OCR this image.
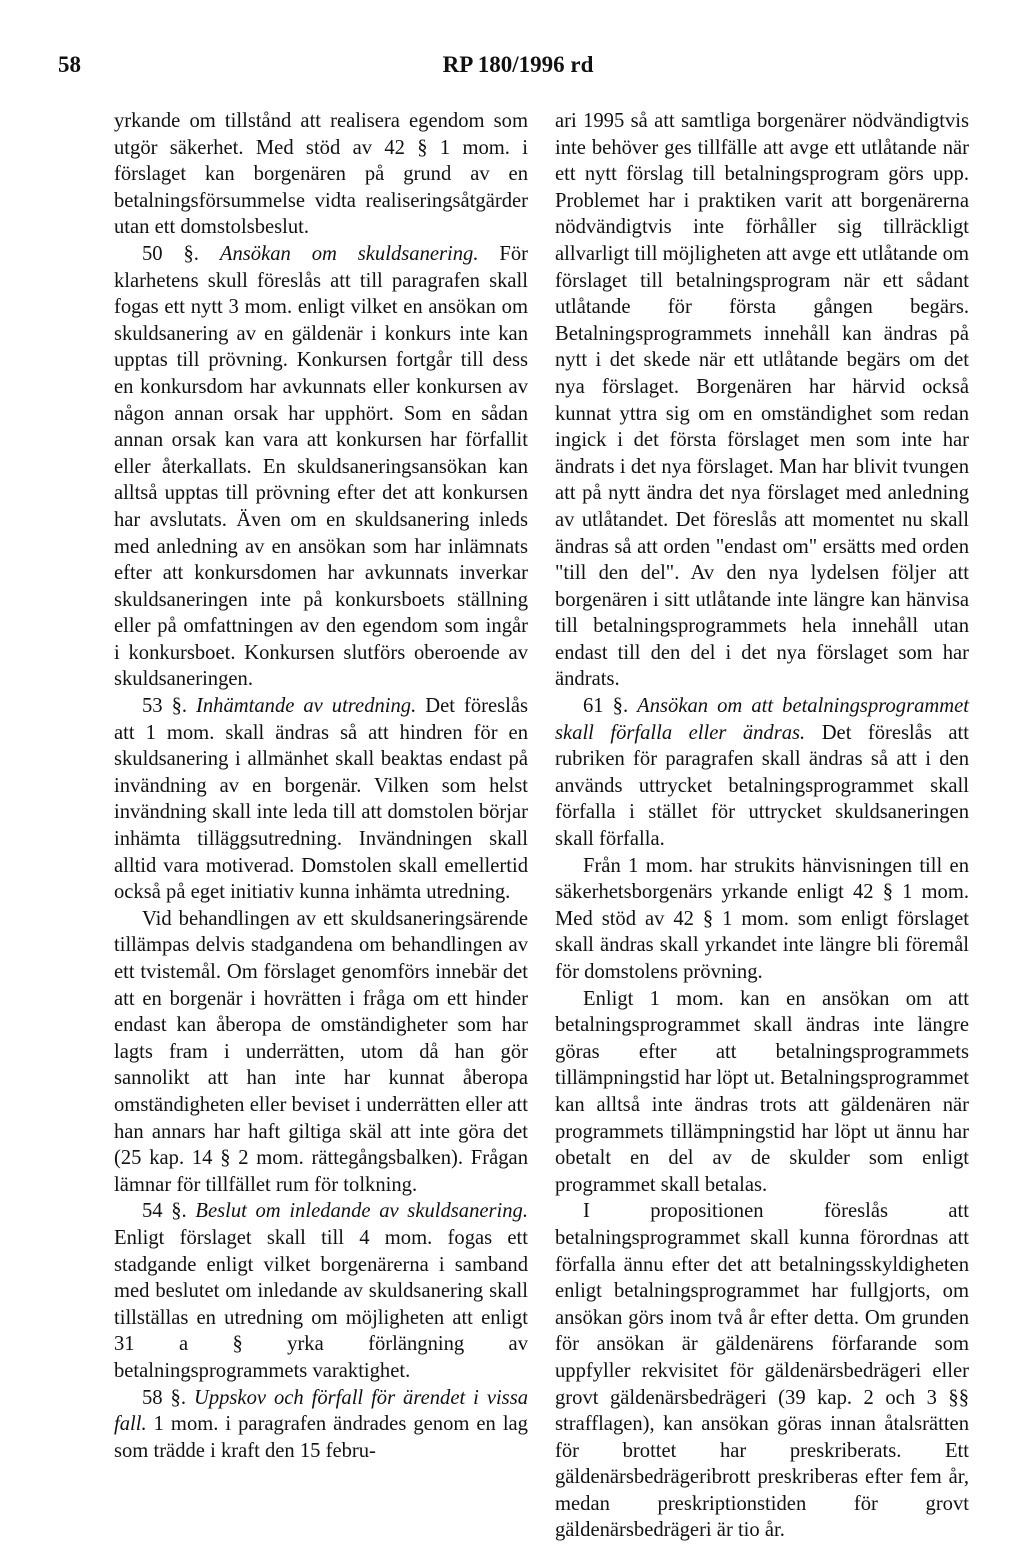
58	RP 180/1996 rd

yrkande om tillstånd att realisera egendom som utgör säkerhet. Med stöd av 42 § 1 mom. i förslaget kan borgenären på grund av en betalningsförsummelse vidta realiseringsåtgärder utan ett domstolsbeslut.

50 §. Ansökan om skuldsanering. För klarhetens skull föreslås att till paragrafen skall fogas ett nytt 3 mom. enligt vilket en ansökan om skuldsanering av en gäldenär i konkurs inte kan upptas till prövning. Konkursen fortgår till dess en konkursdom har avkunnats eller konkursen av någon annan orsak har upphört. Som en sådan annan orsak kan vara att konkursen har förfallit eller återkallats. En skuldsaneringsansökan kan alltså upptas till prövning efter det att konkursen har avslutats. Även om en skuldsanering inleds med anledning av en ansökan som har inlämnats efter att konkursdomen har avkunnats inverkar skuldsaneringen inte på konkursboets ställning eller på omfattningen av den egendom som ingår i konkursboet. Konkursen slutförs oberoende av skuldsaneringen.

53 §. Inhämtande av utredning. Det föreslås att 1 mom. skall ändras så att hindren för en skuldsanering i allmänhet skall beaktas endast på invändning av en borgenär. Vilken som helst invändning skall inte leda till att domstolen börjar inhämta tilläggsutredning. Invändningen skall alltid vara motiverad. Domstolen skall emellertid också på eget initiativ kunna inhämta utredning.

Vid behandlingen av ett skuldsaneringsärende tillämpas delvis stadgandena om behandlingen av ett tvistemål. Om förslaget genomförs innebär det att en borgenär i hovrätten i fråga om ett hinder endast kan åberopa de omständigheter som har lagts fram i underrätten, utom då han gör sannolikt att han inte har kunnat åberopa omständigheten eller beviset i underrätten eller att han annars har haft giltiga skäl att inte göra det (25 kap. 14 § 2 mom. rättegångsbalken). Frågan lämnar för tillfället rum för tolkning.

54 §. Beslut om inledande av skuldsanering. Enligt förslaget skall till 4 mom. fogas ett stadgande enligt vilket borgenärerna i samband med beslutet om inledande av skuldsanering skall tillställas en utredning om möjligheten att enligt 31 a § yrka förlängning av betalningsprogrammets varaktighet.

58 §. Uppskov och förfall för ärendet i vissa fall. 1 mom. i paragrafen ändrades genom en lag som trädde i kraft den 15 febru-

ari 1995 så att samtliga borgenärer nödvändigtvis inte behöver ges tillfälle att avge ett utlåtande när ett nytt förslag till betalningsprogram görs upp. Problemet har i praktiken varit att borgenärerna nödvändigtvis inte förhåller sig tillräckligt allvarligt till möjligheten att avge ett utlåtande om förslaget till betalningsprogram när ett sådant utlåtande för första gången begärs. Betalningsprogrammets innehåll kan ändras på nytt i det skede när ett utlåtande begärs om det nya förslaget. Borgenären har härvid också kunnat yttra sig om en omständighet som redan ingick i det första förslaget men som inte har ändrats i det nya förslaget. Man har blivit tvungen att på nytt ändra det nya förslaget med anledning av utlåtandet. Det föreslås att momentet nu skall ändras så att orden "endast om" ersätts med orden "till den del". Av den nya lydelsen följer att borgenären i sitt utlåtande inte längre kan hänvisa till betalningsprogrammets hela innehåll utan endast till den del i det nya förslaget som har ändrats.

61 §. Ansökan om att betalningsprogrammet skall förfalla eller ändras. Det föreslås att rubriken för paragrafen skall ändras så att i den används uttrycket betalningsprogrammet skall förfalla i stället för uttrycket skuldsaneringen skall förfalla.

Från 1 mom. har strukits hänvisningen till en säkerhetsborgenärs yrkande enligt 42 § 1 mom. Med stöd av 42 § 1 mom. som enligt förslaget skall ändras skall yrkandet inte längre bli föremål för domstolens prövning.

Enligt 1 mom. kan en ansökan om att betalningsprogrammet skall ändras inte längre göras efter att betalningsprogrammets tillämpningstid har löpt ut. Betalningsprogrammet kan alltså inte ändras trots att gäldenären när programmets tillämpningstid har löpt ut ännu har obetalt en del av de skulder som enligt programmet skall betalas.

I propositionen föreslås att betalningsprogrammet skall kunna förordnas att förfalla ännu efter det att betalningsskyldigheten enligt betalningsprogrammet har fullgjorts, om ansökan görs inom två år efter detta. Om grunden för ansökan är gäldenärens förfarande som uppfyller rekvisitet för gäldenärsbedrägeri eller grovt gäldenärsbedrägeri (39 kap. 2 och 3 §§ strafflagen), kan ansökan göras innan åtalsrätten för brottet har preskriberats. Ett gäldenärsbedrägeribrott preskriberas efter fem år, medan preskriptionstiden för grovt gäldenärsbedrägeri är tio år.
